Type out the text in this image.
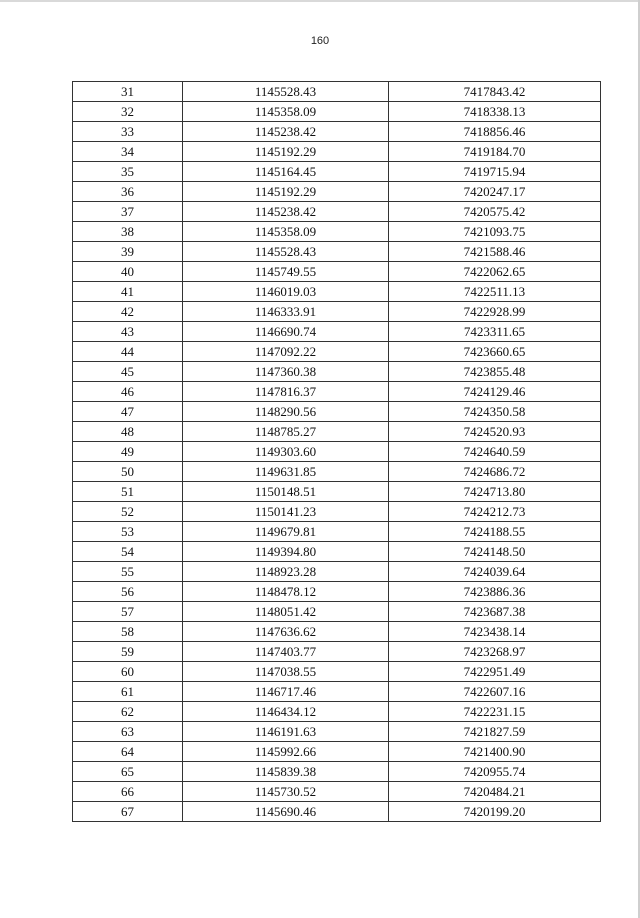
160
31	1145528.43	7417843.42
32	1145358.09	7418338.13
33	1145238.42	7418856.46
34	1145192.29	7419184.70
35	1145164.45	7419715.94
36	1145192.29	7420247.17
37	1145238.42	7420575.42
38	1145358.09	7421093.75
39	1145528.43	7421588.46
40	1145749.55	7422062.65
41	1146019.03	7422511.13
42	1146333.91	7422928.99
43	1146690.74	7423311.65
44	1147092.22	7423660.65
45	1147360.38	7423855.48
46	1147816.37	7424129.46
47	1148290.56	7424350.58
48	1148785.27	7424520.93
49	1149303.60	7424640.59
50	1149631.85	7424686.72
51	1150148.51	7424713.80
52	1150141.23	7424212.73
53	1149679.81	7424188.55
54	1149394.80	7424148.50
55	1148923.28	7424039.64
56	1148478.12	7423886.36
57	1148051.42	7423687.38
58	1147636.62	7423438.14
59	1147403.77	7423268.97
60	1147038.55	7422951.49
61	1146717.46	7422607.16
62	1146434.12	7422231.15
63	1146191.63	7421827.59
64	1145992.66	7421400.90
65	1145839.38	7420955.74
66	1145730.52	7420484.21
67	1145690.46	7420199.20
